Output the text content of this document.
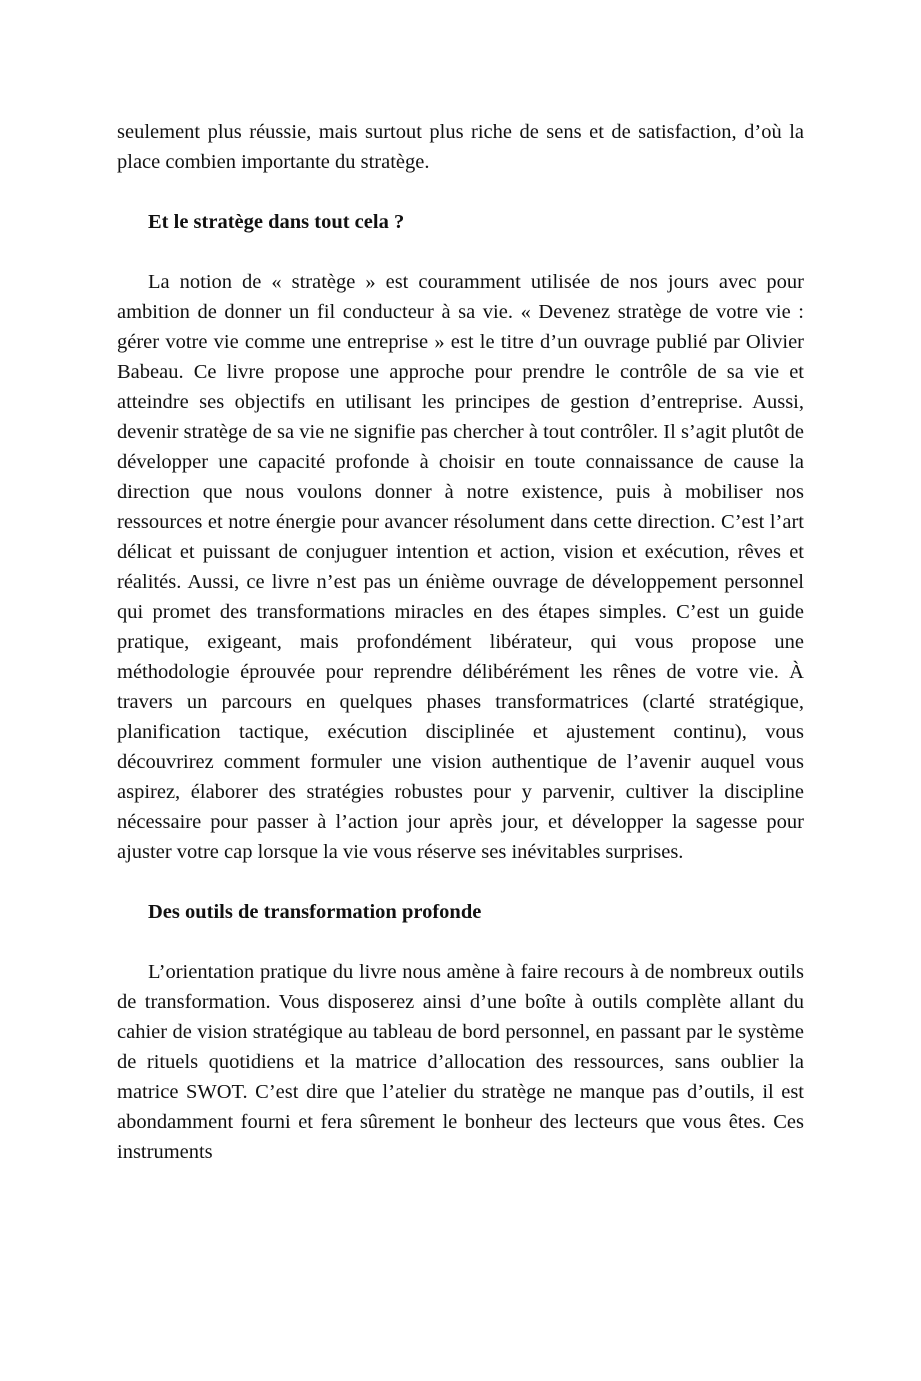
seulement plus réussie, mais surtout plus riche de sens et de satisfaction, d’où la place combien importante du stratège.

Et le stratège dans tout cela ?

La notion de « stratège » est couramment utilisée de nos jours avec pour ambition de donner un fil conducteur à sa vie. « Devenez stratège de votre vie : gérer votre vie comme une entreprise » est le titre d’un ouvrage publié par Olivier Babeau. Ce livre propose une approche pour prendre le contrôle de sa vie et atteindre ses objectifs en utilisant les principes de gestion d’entreprise. Aussi, devenir stratège de sa vie ne signifie pas chercher à tout contrôler. Il s’agit plutôt de développer une capacité profonde à choisir en toute connaissance de cause la direction que nous voulons donner à notre existence, puis à mobiliser nos ressources et notre énergie pour avancer résolument dans cette direction. C’est l’art délicat et puissant de conjuguer intention et action, vision et exécution, rêves et réalités. Aussi, ce livre n’est pas un énième ouvrage de développement personnel qui promet des transformations miracles en des étapes simples. C’est un guide pratique, exigeant, mais profondément libérateur, qui vous propose une méthodologie éprouvée pour reprendre délibérément les rênes de votre vie. À travers un parcours en quelques phases transformatrices (clarté stratégique, planification tactique, exécution disciplinée et ajustement continu), vous découvrirez comment formuler une vision authentique de l’avenir auquel vous aspirez, élaborer des stratégies robustes pour y parvenir, cultiver la discipline nécessaire pour passer à l’action jour après jour, et développer la sagesse pour ajuster votre cap lorsque la vie vous réserve ses inévitables surprises.

Des outils de transformation profonde

L’orientation pratique du livre nous amène à faire recours à de nombreux outils de transformation. Vous disposerez ainsi d’une boîte à outils complète allant du cahier de vision stratégique au tableau de bord personnel, en passant par le système de rituels quotidiens et la matrice d’allocation des ressources, sans oublier la matrice SWOT. C’est dire que l’atelier du stratège ne manque pas d’outils, il est abondamment fourni et fera sûrement le bonheur des lecteurs que vous êtes. Ces instruments
